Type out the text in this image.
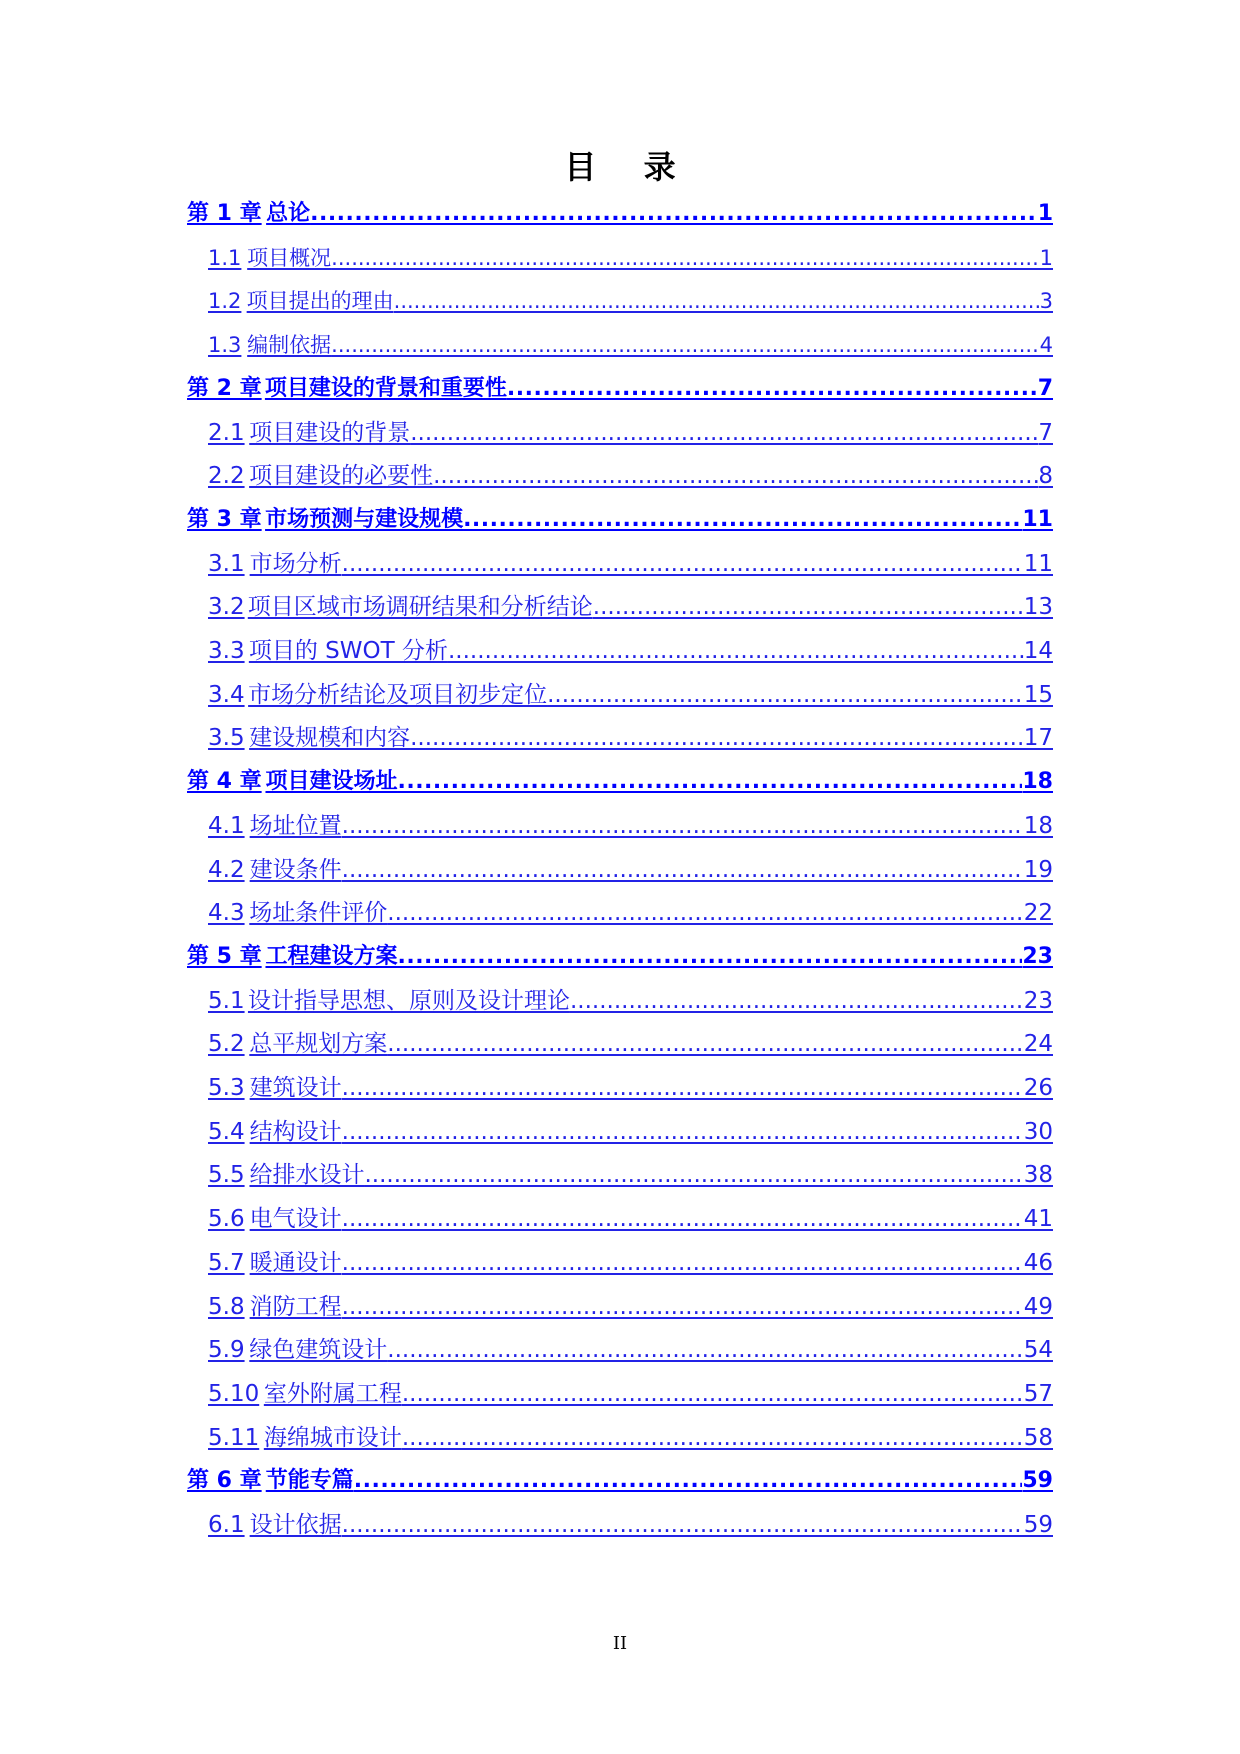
目 录
第 1 章 总论 .....	1
1.1 项目概况 .....	1
1.2 项目提出的理由 .....	3
1.3 编制依据 .....	4
第 2 章 项目建设的背景和重要性 .....	7
2.1 项目建设的背景 .....	7
2.2 项目建设的必要性 .....	8
第 3 章 市场预测与建设规模 .....	11
3.1 市场分析 .....	11
3.2 项目区域市场调研结果和分析结论 .....	13
3.3 项目的 SWOT 分析 .....	14
3.4 市场分析结论及项目初步定位 .....	15
3.5 建设规模和内容 .....	17
第 4 章 项目建设场址 .....	18
4.1 场址位置 .....	18
4.2 建设条件 .....	19
4.3 场址条件评价 .....	22
第 5 章 工程建设方案 .....	23
5.1 设计指导思想、原则及设计理论 .....	23
5.2 总平规划方案 .....	24
5.3 建筑设计 .....	26
5.4 结构设计 .....	30
5.5 给排水设计 .....	38
5.6 电气设计 .....	41
5.7 暖通设计 .....	46
5.8 消防工程 .....	49
5.9 绿色建筑设计 .....	54
5.10 室外附属工程 .....	57
5.11 海绵城市设计 .....	58
第 6 章 节能专篇 .....	59
6.1 设计依据 .....	59
II
